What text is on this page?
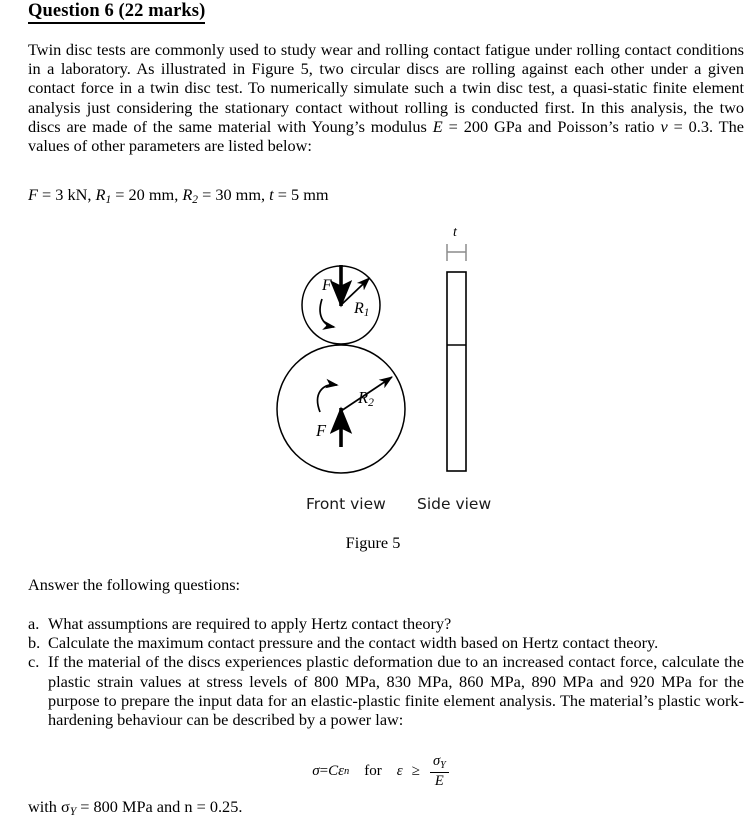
Question 6 (22 marks)
Twin disc tests are commonly used to study wear and rolling contact fatigue under rolling contact conditions in a laboratory. As illustrated in Figure 5, two circular discs are rolling against each other under a given contact force in a twin disc test. To numerically simulate such a twin disc test, a quasi-static finite element analysis just considering the stationary contact without rolling is conducted first. In this analysis, the two discs are made of the same material with Young’s modulus E = 200 GPa and Poisson’s ratio v = 0.3. The values of other parameters are listed below:
F = 3 kN, $R_1 = 20$ mm, $R_2 = 30$ mm, t = 5 mm
F
$R_1$
F
$R_2$
t
Front view Side view
Figure 5
Answer the following questions:
a. What assumptions are required to apply Hertz contact theory?
b. Calculate the maximum contact pressure and the contact width based on Hertz contact theory.
c. If the material of the discs experiences plastic deformation due to an increased contact force, calculate the plastic strain values at stress levels of 800 MPa, 830 MPa, 860 MPa, 890 MPa and 920 MPa for the purpose to prepare the input data for an elastic-plastic finite element analysis. The material’s plastic work-hardening behaviour can be described by a power law:
σ = C ε n for $\varepsilon \ge \frac{\sigma_Y}{E}$
with $\sigma_Y = 800$ MPa and n = 0.25.
